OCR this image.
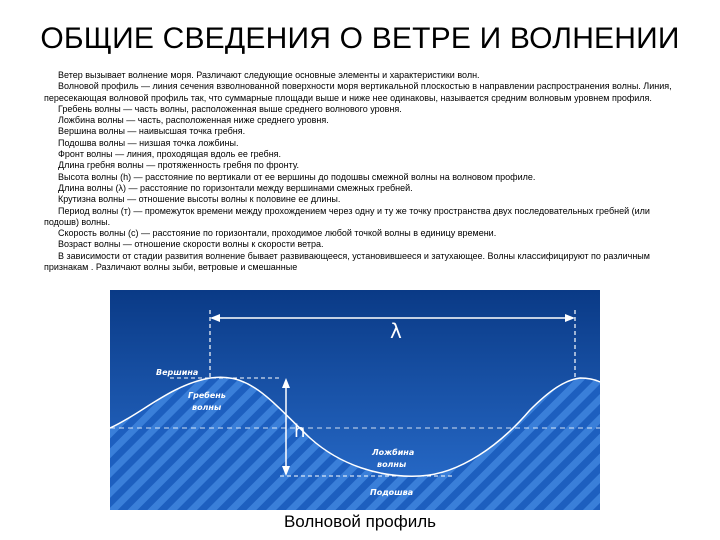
ОБЩИЕ СВЕДЕНИЯ О ВЕТРЕ И ВОЛНЕНИИ

Ветер вызывает волнение моря. Различают следующие основные элементы и характеристики волн.

Волновой профиль — линия сечения взволнованной поверхности моря вертикальной плоскостью в направлении распространения волны. Линия, пересекающая волновой профиль так, что суммарные площади выше и ниже нее одинаковы, называется средним волновым уровнем профиля.

Гребень волны — часть волны, расположенная выше среднего волнового уровня.

Ложбина волны — часть, расположенная ниже среднего уровня.

Вершина волны — наивысшая точка гребня.

Подошва волны — низшая точка ложбины.

Фронт волны — линия, проходящая вдоль ее гребня.

Длина гребня волны — протяженность гребня по фронту.

Высота волны (h) — расстояние по вертикали от ее вершины до подошвы смежной волны на волновом профиле.

Длина волны (λ) — расстояние по горизонтали между вершинами смежных гребней.

Крутизна волны — отношение высоты волны к половине ее длины.

Период волны (т) — промежуток времени между прохождением через одну и ту же точку пространства двух последовательных гребней (или подошв) волны.

Скорость волны (с) — расстояние по горизонтали, проходимое любой точкой волны в единицу времени.

Возраст волны — отношение скорости волны к скорости ветра.

В зависимости от стадии развития волнение бывает развивающееся, установившееся и затухающее. Волны классифицируют по различным признакам . Различают волны зыби, ветровые и смешанные

λ
h
Вершина
Гребень
волны
Ложбина
волны
Подошва
Волновой профиль
